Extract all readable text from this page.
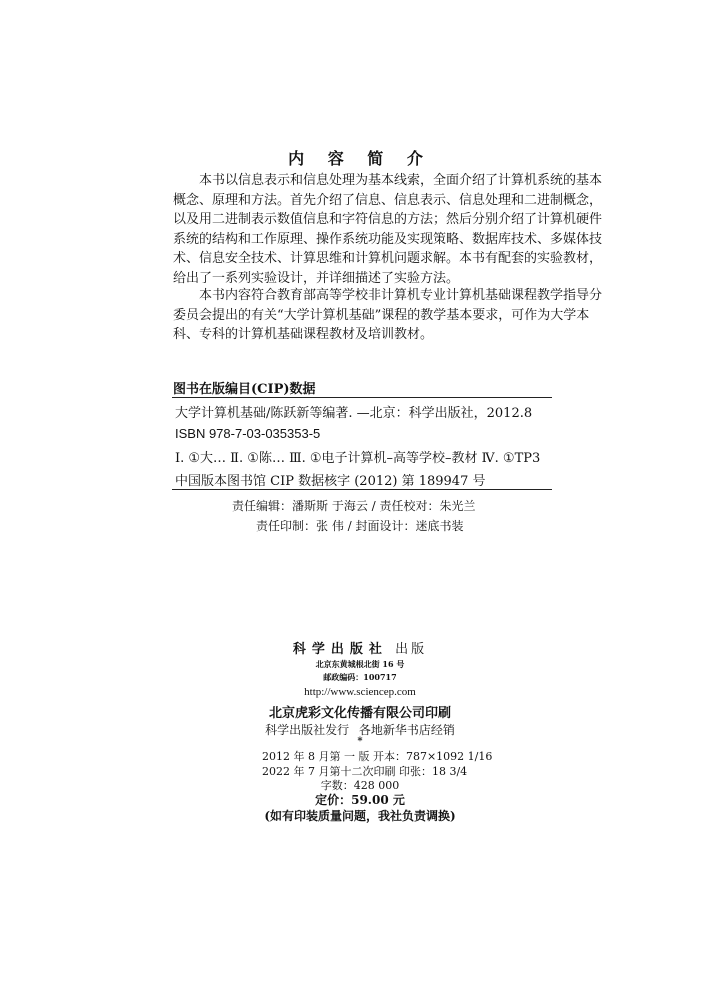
内 容 简 介
本书以信息表示和信息处理为基本线索，全面介绍了计算机系统的基本
概念、原理和方法。首先介绍了信息、信息表示、信息处理和二进制概念，
以及用二进制表示数值信息和字符信息的方法；然后分别介绍了计算机硬件
系统的结构和工作原理、操作系统功能及实现策略、数据库技术、多媒体技
术、信息安全技术、计算思维和计算机问题求解。本书有配套的实验教材，
给出了一系列实验设计，并详细描述了实验方法。
本书内容符合教育部高等学校非计算机专业计算机基础课程教学指导分
委员会提出的有关“大学计算机基础”课程的教学基本要求，可作为大学本
科、专科的计算机基础课程教材及培训教材。
图书在版编目(CIP)数据
大学计算机基础/陈跃新等编著. —北京：科学出版社，2012.8
ISBN 978-7-03-035353-5
Ⅰ. ①大… Ⅱ. ①陈… Ⅲ. ①电子计算机–高等学校–教材 Ⅳ. ①TP3
中国版本图书馆 CIP 数据核字 (2012) 第 189947 号
责任编辑：潘斯斯 于海云 / 责任校对：朱光兰
责任印制：张 伟 / 封面设计：迷底书装
科学出版社 出版
北京东黄城根北街 16 号
邮政编码：100717
http://www.sciencep.com
北京虎彩文化传播有限公司印刷
科学出版社发行 各地新华书店经销
*
2012 年 8 月第 一 版 开本：787×1092 1/16
2022 年 7 月第十二次印刷 印张：18 3/4
字数：428 000
定价：59.00 元
(如有印装质量问题，我社负责调换)
